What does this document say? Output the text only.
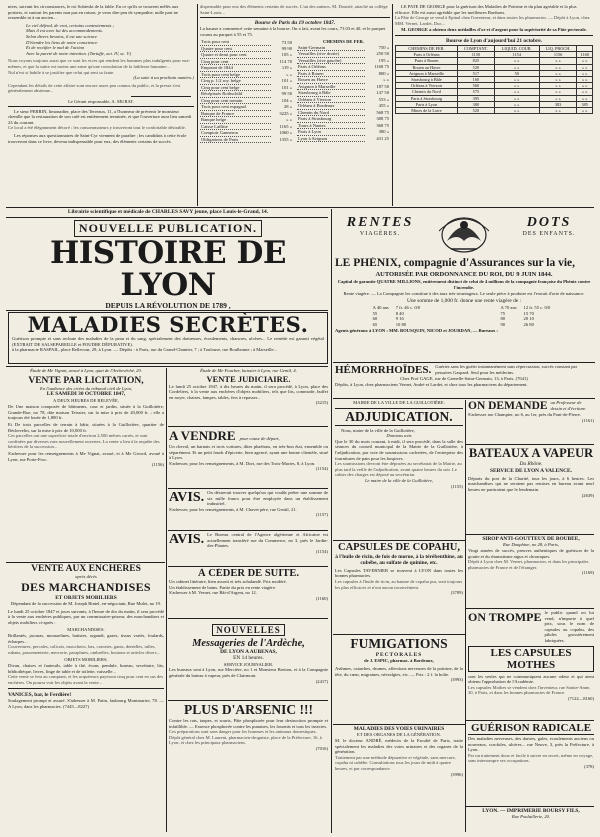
niers, suivant les circonstances, le roi Sobieski de la fable. En ce qu'ils se trouvent mêlés aux portiers, et surtout les parents non pas en raison, je veux dire peu de sympathie, nulle part ne ressemble ni à un ancien...
Le ciel défend, de vrai, certains contentements ;
Mais il est avec lui des accommodements.
Selon divers besoins, il est une science
D'étendre les liens de notre conscience
Et de rectifier le mal de l'action
Avec la pureté de notre intention. (Tartuffe, act. IV, sc. V.)
Nous voyons toujours aussi que ce sont les vices qui rendent les hommes plus indulgents pour eux-mêmes, et que la satire est moins une arme qu'une consolation de la faiblesse humaine...
Nul n'est si habile à se justifier que celui qui sent sa faute.
(La suite à un prochain numéro.)
Cependant les détails de cette affaire sont encore assez peu connus du public, et la presse s'est généralement abstenue...
Le Gérant responsable, A. MURAT.
Le sieur PERRIN, limonadier, place des Terreaux, 11, a l'honneur de prévenir le monsieur chenille que la restauration de son café est entièrement terminée, et que l'ouverture aura lieu samedi 23 du courant.
Ce local a été élégamment décoré ; les consommateurs y trouveront tout le confortable désirable.
Les réponses aux questionnaires de Saint-Cyr viennent de paraître ; les candidats à cette école trouveront dans ce livre, devenu indispensable pour eux, des éléments certains de succès.
dispensable pour eux des éléments certains de succès. L'un des auteurs, M. Doutrié, attaché au collège Saint-Louis...
Bourse de Paris du 19 octobre 1847.
La hausse a commencé cette semaine à la bourse. On a fait, avant les cours, 73 03 et 40, et le parquet courus au parquet à 55 et 75.
Trois pour cent	73 50
Quatre pour cent	99 90
Quatre et demi pour cent	105 »
Cinq pour cent	114 70
Emprunt de 1844	119 »
Trois pour cent belge	» »
Cinq p. 1/2 roy. belge	101 »
Cinq pour cent belge	101 »
Récépissés Rothschild	99 50
Cinq pour cent romain	104 »
Trois pour cent espagnol	28 »
Banque de France	3225 »
Banque belge	» »
Caisse Laffitte	1165 »
Comptoir Ganneron	1060 »
Obligations de Paris	1355 »
CHEMINS DE FER.
Saint-Germain	750 »
Versailles (rive droite)	250 50
Versailles (rive gauche)	195 »
Paris à Orléans	1168 75
Paris à Rouen	800 »
Rouen au Havre	» »
Avignon à Marseille	187 50
Strasbourg à Bâle	147 50
Orléans à Vierzon	553 »
Orléans à Bordeaux	455 »
Chemin du Nord	568 75
Paris à Strasbourg	388 75
Tours à Nantes	368 75
Paris à Lyon	380 »
Lyon à Avignon	431 25
LE PATE DE GEORGE pour la guérison des Maladies de Poitrine et du plan agréable et la plus efficace. Elle est aussi agréable que les meilleures Bonbons.
La Pâte de George se vend à Epinal chez l'inventeur, et dans toutes les pharmacies. — Dépôt à Lyon, chez MM. Vernet, Lardet, Duc...
M. GEORGE a obtenu deux médailles d'or et d'argent pour la supériorité de sa Pâte pectorale.
Bourse de Lyon d'aujourd'hui 21 octobre.
CHEMINS DE FER.	COMPTANT.	LIQUID. COUR.	LIQ. PROCH.	
Paris à Orléans	1150	1154	1156	1160
Paris à Rouen	825	» »	» »	» »
Rouen au Havre	520	» »	» »	» »
Avignon à Marseille	517	50	» »	» »
Strasbourg à Bâle	160	» »	» »	» »
Orléans à Vierzon	560	» »	» »	» »
Chemin du Nord	575	» »	» »	» »
Paris à Strasbourg	395	» »	» »	» »
Paris à Lyon	380	» »	383	385
Mines de la Loire	520	» »	» »	» »
Librairie scientifique et médicale de CHARLES SAVY jeune, place Louis-le-Grand, 14.
NOUVELLE PUBLICATION.
HISTOIRE DE LYON
DEPUIS LA RÉVOLUTION DE 1789 ,
MALADIES SECRÈTES.
Guérison prompte et sans rechute des maladies de la peau et du sang, spécialement des dartreuses, écoulements, chancres, ulcères... Le remède est garanti végétal (EXTRAIT DE SALSEPAREILLE et POUDRE DÉPURATIVE).
à la pharmacie RASPAIL, place Bellecour, 29, à Lyon. — Dépôts : à Paris, rue du Grand-Chantier, 7 ; à Toulouse, rue Boulbonne ; à Marseille...
RENTES
VIAGÈRES.
DOTS
DES ENFANTS.
LE PHÉNIX, compagnie d'Assurances sur la vie,
AUTORISÉE PAR ORDONNANCE DU ROI, DU 9 JUIN 1844.
Capital de garantie QUATRE MILLIONS, entièrement distinct de celui de 4 millions de la compagnie française du Phénix contre l'incendie.
Rente viagère. — La Compagnie les constitue à des taux très-avantageux. Le seule pièce à produire est l'extrait d'acte de naissance.
Une somme de 1,000 fr. donne une rente viagère de :
A 40 ans	7 fr. 46 c. 0/0
55	8 40
60	9 16
65	10 80
A 70 ans	12 fr. 55 c. 0/0
75	15 70
80	20 10
90	26 80
Agents généraux à LYON : MM. BOUSQUIN, NICOD et JOURDAN, — Bureaux :
HÉMORRHOÏDES. Guéries sans les guérir instantanément sans répercussion, succès constant par pessaires Gaspard. Seul pour les médecins.
Chez Prof GAGE, rue de Grenelle-Saint-Germain, 13, à Paris. (7641)
Dépôts, à Lyon, chez pharmaciens Vernet, André et Lardet, et chez tous les pharmaciens du département.
Étude de Me Vignat, avoué à Lyon, quai de l'Archevêché, 20.
VENTE PAR LICITATION,
En l'audience des criées du tribunal civil de Lyon,
LE SAMEDI 30 OCTOBRE 1847,
A DEUX HEURES DE RELEVÉE,
De Une maison composée de bâtiments, cour et jardin, située à la Guillotière, Grande-Rue, no 78, dite maison Teissier, sur la mise à prix de 20,000 fr. ; elle a toujours été louée de 1,800 fr.
Et De trois parcelles de terrain à bâtir, situées à la Guillotière, quartier de Béchevelin, sur la mise à prix de 10,000 fr.
Ces parcelles ont une superficie totale d'environ 2,500 mètres carrés, et sont confinées par diverses rues nouvellement ouvertes. La vente a lieu à la requête des héritiers de la succession...
S'adresser pour les renseignements à Me Vignat, avoué, et à Me Givord, avoué à Lyon, rue Porte-Froc.
(1156)
VENTE AUX ENCHÈRES
après décès
DES MARCHANDISES
ET OBJETS MOBILIERS
Dépendant de la succession de M. Joseph Riniel, en-négociant, Rue Mulet, no 19.
Le lundi 25 octobre 1847 et jours suivants, à l'heure de dix du matin, il sera procédé à la vente aux enchères publiques, par un commissaire-priseur, des marchandises et objets mobiliers ci-après :
MARCHANDISES.
Brillantés, jaconas, mousselines, batistes, organdi, gazes, tissus variés, foulards, écharpes...
Couvertures, percales, calicots, mouchoirs, bas, cravates, gants, dentelles, tulles, rubans, passementerie, mercerie, parapluies, ombrelles, boutons et articles divers...
OBJETS MOBILIERS.
Divan, chaises et fauteuils, table à thé, écran, pendule, bureau, secrétaire, lits, bibliothèque, livres, linge de table et de toilette, vaisselle...
Cette vente se fera au comptant, et les acquéreurs payeront cinq pour cent en sus des enchères. On pourra voir les objets avant la vente...
VANICES, bar, le Ferdière!
Soulagement prompt et assuré. S'adresser à M. Patin, faubourg Montmartre, 78. — A Lyon, dans les pharmacies. (7445—8227)
Étude de Me Foucher, huissier à Lyon, rue Gentil, 4.
VENTE JUDICIAIRE.
Le lundi 25 octobre 1847, à dix heures du matin, il sera procédé, à Lyon, place des Cordeliers, à la vente aux enchères d'objets mobiliers, tels que lits, commode, buffet en noyer, chaises, lampes, tables, fers à repasser...
(3215)
A VENDRE pour cause de départ,
Un cheval, un harnais et trois voitures, dites phaétons, en très-bon état, ensemble ou séparément. Et un petit fonds d'épicerie, bien agencé, ayant une bonne clientèle, situé à Lyon.
S'adresser, pour les renseignements, à M. Dort, rue des Trois-Maries, 8, à Lyon.
(1154)
AVIS. On désirerait trouver quelqu'un qui voulût prêter une somme de six mille francs pour être employée dans un établissement industriel.
S'adresser, pour les renseignements, à M. Chavet père, rue Gentil, 21.
(1157)
AVIS. Le Bureau central de l'Agence algérienne et Africaine est actuellement transféré rue du Commerce, no 3, près le Jardin-des-Plantes.
(1154)
À CÉDER DE SUITE.
Un cabinet littéraire, bien assorti et très achalandé. Prix modéré.
Un établissement de bains. Partie du prix en rente viagère.
S'adresser à M. Vernet, rue Bât-d'Argent, no 12.
(1160)
NOUVELLES
Messageries de l'Ardèche,
DE LYON A AUBENAS,
EN 14 heures.
SERVICE JOURNALIER.
Les bureaux sont à Lyon, rue Mercière, no 1 et Monsieur Bretton, et à la Compagnie générale du bateau à vapeur, près de Clairmont.
(2417)
PLUS D'ARSENIC !!!
Contre les rats, taupes, et souris, Pâte phosphorée pour leur destruction prompte et infaillible. — Essence phosphorée contre les punaises, les fourmis et tous les insectes.
Ces préparations sont sans danger pour les hommes et les animaux domestiques. Dépôt général chez M. Laurent, pharmacien-droguiste, place de la Préfecture, 16, à Lyon, et chez les principaux pharmaciens.
(7016)
MAIRIE DE LA VILLE DE LA GUILLOTIÈRE.
ADJUDICATION.
Nous, maire de la ville de la Guillotière,
Donnons avis
Que le 30 du mois courant, à midi, il sera procédé, dans la salle des séances du conseil municipal de la Mairie de la Guillotière, à l'adjudication, par voie de soumissions cachetées, de l'entreprise des fournitures de pain pour les hospices.
Les soumissions devront être déposées au secrétariat de la Mairie, au plus tard la veille de l'adjudication, avant quatre heures du soir. Le cahier des charges est déposé au secrétariat.
Le maire de la ville de la Guillotière,
(1155)
CAPSULES DE COPAHU,
à l'huile de ricin, de fois de morue, à la térébenthine, au cubébe, au sulfate de quinine, etc.
Les Capsules TAVERNIER se trouvent à LYON dans toutes les bonnes pharmacies.
Les capsules à l'huile de ricin, au baume de copahu pur, sont toujours les plus efficaces et n'ont aucun inconvénient.
(3709)
FUMIGATIONS
PECTORALES
de J. ESPIC, pharmac. à Bordeaux,
Asthmes, catarrhes, rhumes, affections nerveuses de la poitrine, de la tête, du cœur, migraines, névralgies, etc. — Prix : 2 f. la boîte.
(3993)
MALADIES DES VOIES URINAIRES
ET DES ORGANES DE LA GÉNÉRATION.
M. le docteur ANDRÉ, médecin de la Faculté de Paris, traite spécialement les maladies des voies urinaires et des organes de la génération.
Traitement par une méthode dépurative et végétale, sans mercure, copahu ni cubèbe. Consultations tous les jours de midi à quatre heures, et par correspondance.
(3996)
ON DEMANDE un Professeur de dessin et d'écriture.
S'adresser rue Champier, no 6, au 1er, près du Pont-de-Pierre.
(1161)
BATEAUX A VAPEUR
Du Rhône.
SERVICE DE LYON A VALENCE.
Départs du port de la Charité, tous les jours, à 6 heures. Les marchandises qui ne seraient pas remises en bureau avant neuf heures ne partiraient que le lendemain.
(2639)
SIROP ANTI-GOUTTEUX DE BOUBÉE,
Rue Dauphine, no 28, à Paris,
Vingt années de succès, preuves authentiques de guérison de la goutte et du rhumatisme aigus et chroniques.
Dépôt à Lyon chez M. Vernet, pharmacien, et dans les principales pharmacies de France et de l'étranger.
(1169)
ON TROMPE le public quand on lui vend, n'importe à quel prix, sous le nom de capsules au copahu, des pilules grossièrement fabriquées.
LES CAPSULES MOTHES
sont les seules qui ne communiquent aucune odeur et qui aient obtenu l'approbation de l'Académie.
Les capsules Mothes se vendent chez l'inventeur, rue Sainte-Anne, 30, à Paris, et dans les bonnes pharmacies de France.
(7122—8160)
GUÉRISON RADICALE
Des maladies nerveuses, des dartres, gales, ecoulements anciens ou nouveaux, scrofules, ulcères... rue Neuve, 3, près la Préfecture, à Lyon.
Par un traitement doux et facile à suivre en secret, même en voyage, sans interrompre ses occupations.
(378)
LYON. — IMPRIMERIE BOURSY FILS,
Rue Poulaillerie, 20.
